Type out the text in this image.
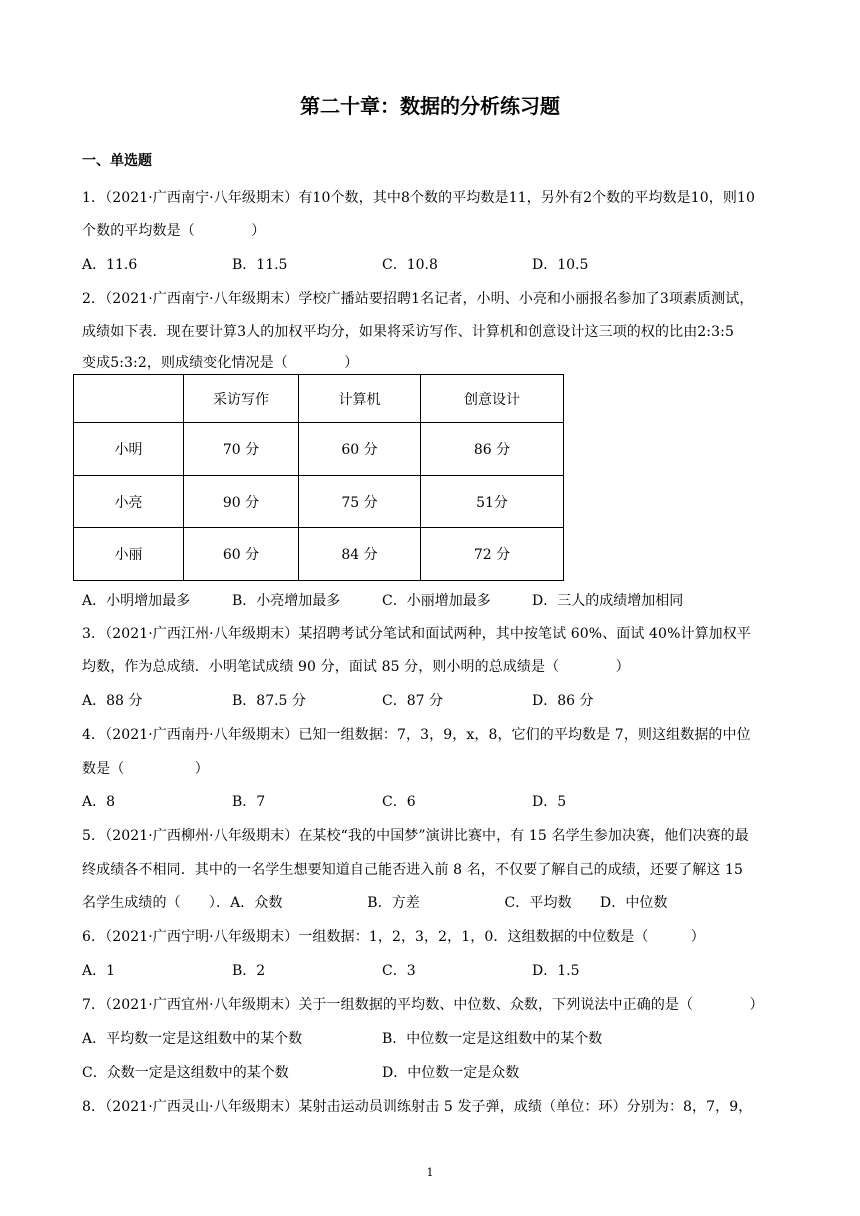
第二十章：数据的分析练习题
一、单选题
1．（2021·广西南宁·八年级期末）有10个数，其中8个数的平均数是11，另外有2个数的平均数是10，则10
个数的平均数是（　　　　）
A．11.6	B．11.5	C．10.8	D．10.5
2．（2021·广西南宁·八年级期末）学校广播站要招聘1名记者，小明、小亮和小丽报名参加了3项素质测试，
成绩如下表．现在要计算3人的加权平均分，如果将采访写作、计算机和创意设计这三项的权的比由2:3:5
变成5:3:2，则成绩变化情况是（　　　　）
	采访写作	计算机	创意设计
小明	70 分	60 分	86 分
小亮	90 分	75 分	51分
小丽	60 分	84 分	72 分
A．小明增加最多	B．小亮增加最多	C．小丽增加最多	D．三人的成绩增加相同
3．（2021·广西江州·八年级期末）某招聘考试分笔试和面试两种，其中按笔试 60%、面试 40%计算加权平
均数，作为总成绩．小明笔试成绩 90 分，面试 85 分，则小明的总成绩是（　　　　）
A．88 分	B．87.5 分	C．87 分	D．86 分
4．（2021·广西南丹·八年级期末）已知一组数据：7，3，9，x，8，它们的平均数是 7，则这组数据的中位
数是（　　　　　）
A．8	B．7	C．6	D．5
5．（2021·广西柳州·八年级期末）在某校“我的中国梦”演讲比赛中，有 15 名学生参加决赛，他们决赛的最
终成绩各不相同．其中的一名学生想要知道自己能否进入前 8 名，不仅要了解自己的成绩，还要了解这 15
名学生成绩的（　　）．A．众数　　　　　　B．方差　　　　　　C．平均数　　D．中位数
6．（2021·广西宁明·八年级期末）一组数据：1，2，3，2，1，0．这组数据的中位数是（　　　）
A．1	B．2	C．3	D．1.5
7．（2021·广西宜州·八年级期末）关于一组数据的平均数、中位数、众数，下列说法中正确的是（　　　　）
A．平均数一定是这组数中的某个数	B．中位数一定是这组数中的某个数
C．众数一定是这组数中的某个数	D．中位数一定是众数
8．（2021·广西灵山·八年级期末）某射击运动员训练射击 5 发子弹，成绩（单位：环）分别为：8，7，9，
1
